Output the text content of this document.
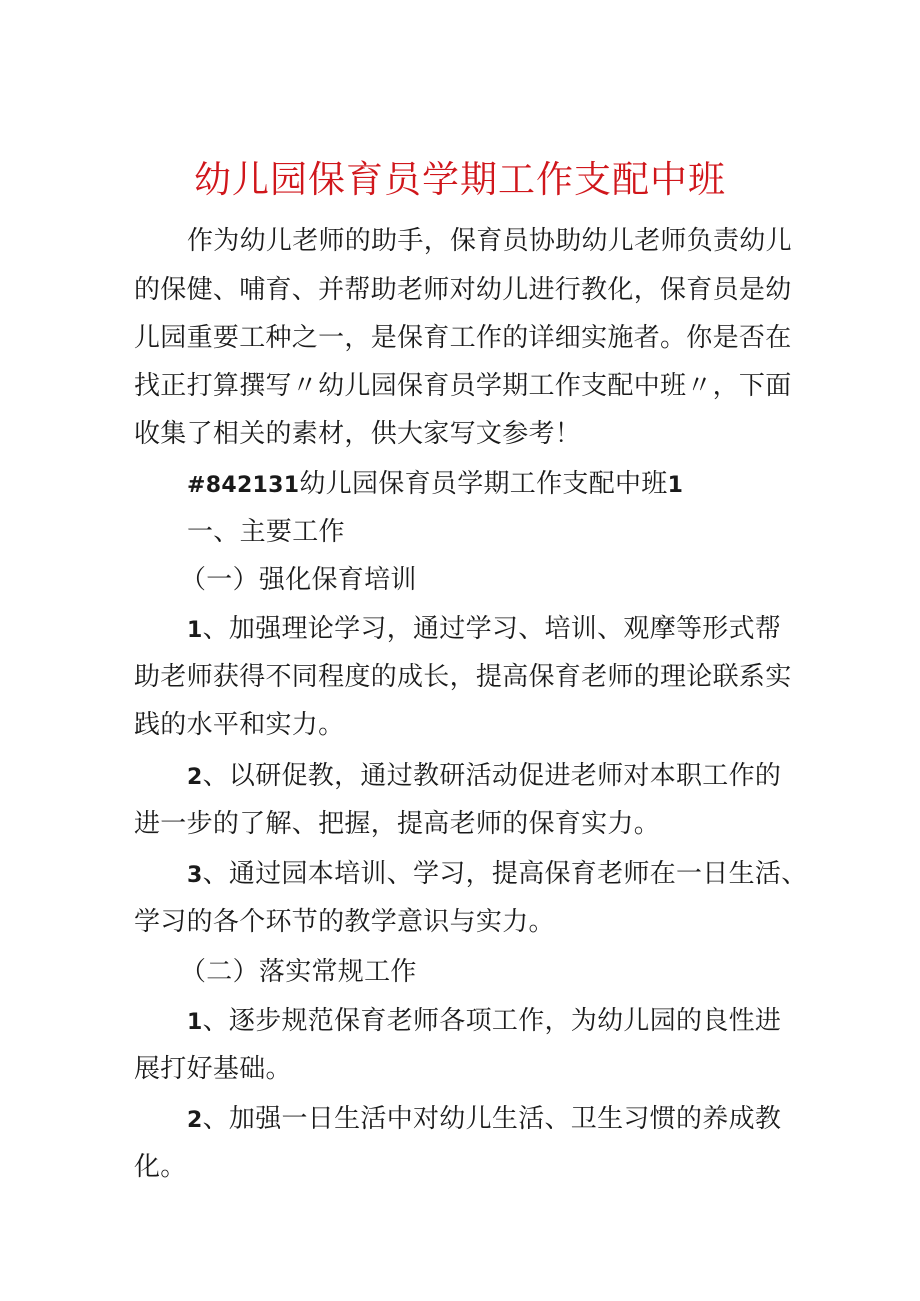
幼儿园保育员学期工作支配中班
作为幼儿老师的助手，保育员协助幼儿老师负责幼儿
的保健、哺育、并帮助老师对幼儿进行教化，保育员是幼
儿园重要工种之一，是保育工作的详细实施者。你是否在
找正打算撰写〃幼儿园保育员学期工作支配中班〃，下面
收集了相关的素材，供大家写文参考！
#842131幼儿园保育员学期工作支配中班1
一、主要工作
（一）强化保育培训
1、加强理论学习，通过学习、培训、观摩等形式帮
助老师获得不同程度的成长，提高保育老师的理论联系实
践的水平和实力。
2、以研促教，通过教研活动促进老师对本职工作的
进一步的了解、把握，提高老师的保育实力。
3、通过园本培训、学习，提高保育老师在一日生活、
学习的各个环节的教学意识与实力。
（二）落实常规工作
1、逐步规范保育老师各项工作，为幼儿园的良性进
展打好基础。
2、加强一日生活中对幼儿生活、卫生习惯的养成教
化。
